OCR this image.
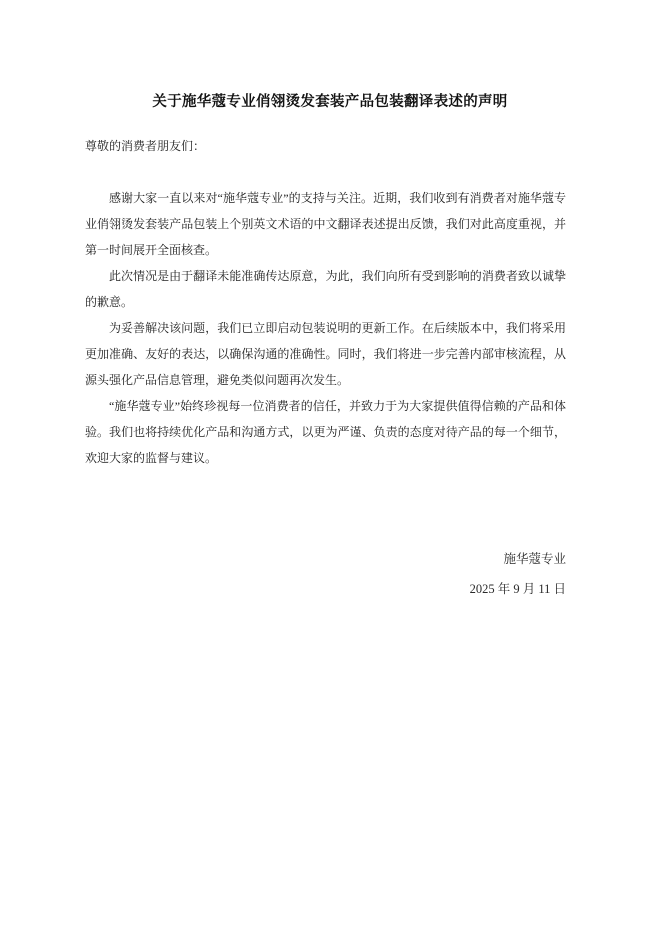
关于施华蔻专业俏翎烫发套装产品包装翻译表述的声明

尊敬的消费者朋友们：

感谢大家一直以来对“施华蔻专业”的支持与关注。近期，我们收到有消费者对施华蔻专业俏翎烫发套装产品包装上个别英文术语的中文翻译表述提出反馈，我们对此高度重视，并第一时间展开全面核查。

此次情况是由于翻译未能准确传达原意，为此，我们向所有受到影响的消费者致以诚挚的歉意。

为妥善解决该问题，我们已立即启动包装说明的更新工作。在后续版本中，我们将采用更加准确、友好的表达，以确保沟通的准确性。同时，我们将进一步完善内部审核流程，从源头强化产品信息管理，避免类似问题再次发生。

“施华蔻专业”始终珍视每一位消费者的信任，并致力于为大家提供值得信赖的产品和体验。我们也将持续优化产品和沟通方式，以更为严谨、负责的态度对待产品的每一个细节，欢迎大家的监督与建议。

施华蔻专业
2025 年 9 月 11 日
